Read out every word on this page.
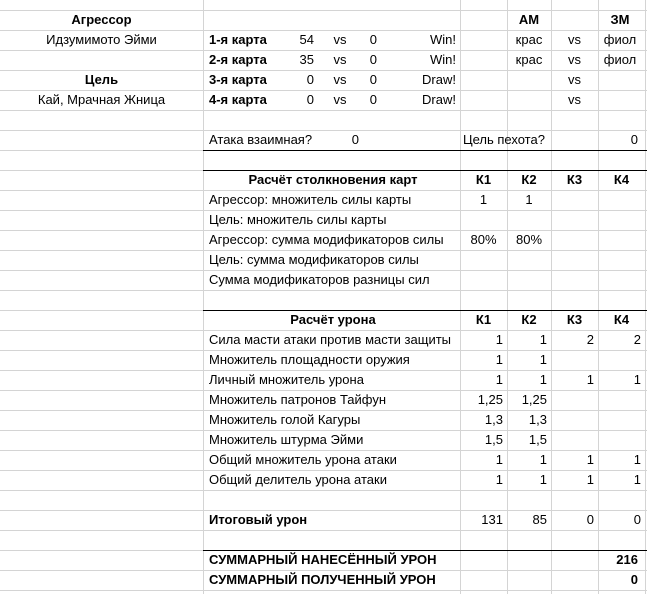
Агрессор
Идзумимото Эйми
Цель
Кай, Мрачная Жница
АМ	ЗМ
1-я карта	54	vs	0	Win!	крас	vs	фиол
2-я карта	35	vs	0	Win!	крас	vs	фиол
3-я карта	0	vs	0	Draw!	vs
4-я карта	0	vs	0	Draw!	vs
Атака взаимная?	0	Цель пехота?	0
Расчёт столкновения карт	К1	К2	К3	К4
Агрессор: множитель силы карты	1	1
Цель: множитель силы карты
Агрессор: сумма модификаторов силы	80%	80%
Цель: сумма модификаторов силы
Сумма модификаторов разницы сил
Расчёт урона	К1	К2	К3	К4
Сила масти атаки против масти защиты	1	1	2	2
Множитель площадности оружия	1	1
Личный множитель урона	1	1	1	1
Множитель патронов Тайфун	1,25	1,25
Множитель голой Кагуры	1,3	1,3
Множитель штурма Эйми	1,5	1,5
Общий множитель урона атаки	1	1	1	1
Общий делитель урона атаки	1	1	1	1
Итоговый урон	131	85	0	0
СУММАРНЫЙ НАНЕСЁННЫЙ УРОН	216
СУММАРНЫЙ ПОЛУЧЕННЫЙ УРОН	0
